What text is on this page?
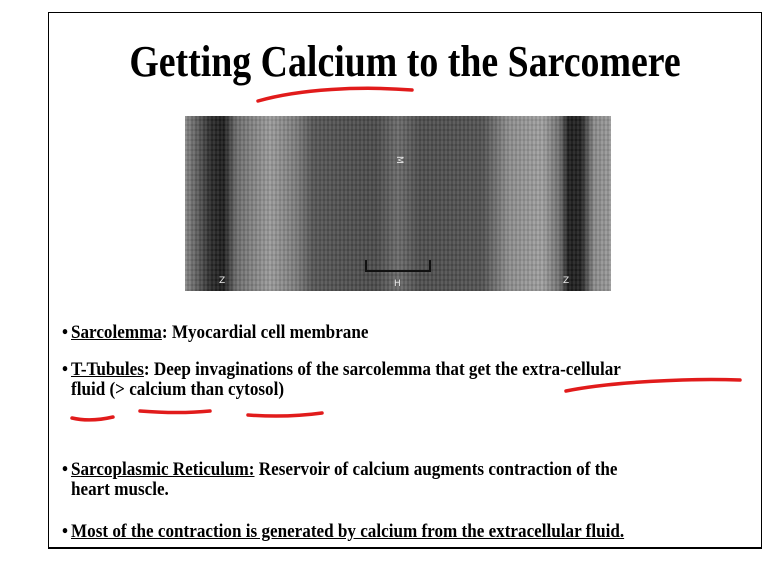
Getting Calcium to the Sarcomere
Z
M
H	Z
• Sarcolemma: Myocardial cell membrane
• T-Tubules: Deep invaginations of the sarcolemma that get the extra-cellular
fluid (> calcium than cytosol)
• Sarcoplasmic Reticulum: Reservoir of calcium augments contraction of the
heart muscle.
• Most of the contraction is generated by calcium from the extracellular fluid.
